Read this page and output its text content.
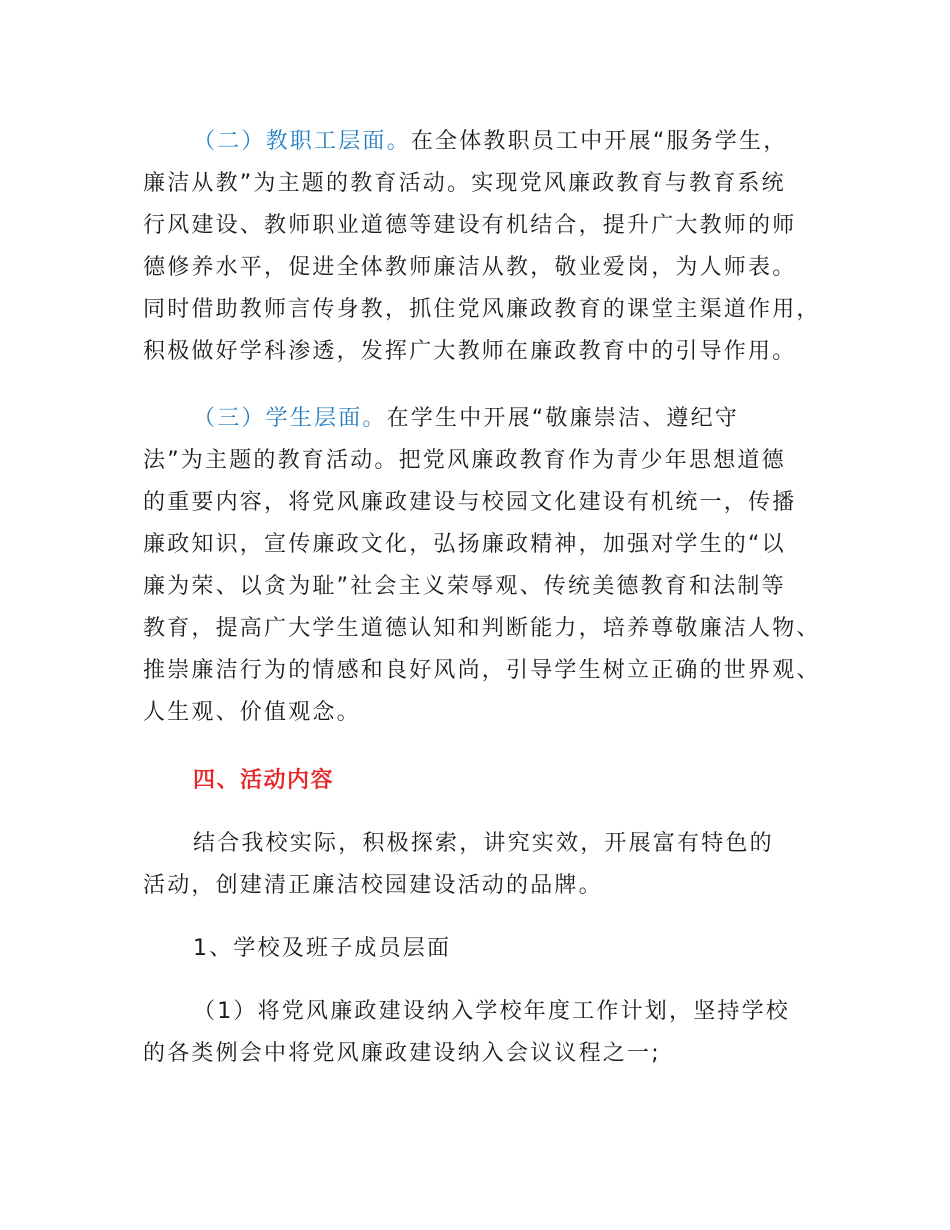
（二）教职工层面。在全体教职员工中开展“服务学生，
廉洁从教”为主题的教育活动。实现党风廉政教育与教育系统
行风建设、教师职业道德等建设有机结合，提升广大教师的师
德修养水平，促进全体教师廉洁从教，敬业爱岗，为人师表。
同时借助教师言传身教，抓住党风廉政教育的课堂主渠道作用，
积极做好学科渗透，发挥广大教师在廉政教育中的引导作用。
（三）学生层面。在学生中开展“敬廉崇洁、遵纪守
法”为主题的教育活动。把党风廉政教育作为青少年思想道德
的重要内容，将党风廉政建设与校园文化建设有机统一，传播
廉政知识，宣传廉政文化，弘扬廉政精神，加强对学生的“以
廉为荣、以贪为耻”社会主义荣辱观、传统美德教育和法制等
教育，提高广大学生道德认知和判断能力，培养尊敬廉洁人物、
推崇廉洁行为的情感和良好风尚，引导学生树立正确的世界观、
人生观、价值观念。
四、活动内容
结合我校实际，积极探索，讲究实效，开展富有特色的
活动，创建清正廉洁校园建设活动的品牌。
1、学校及班子成员层面
（1）将党风廉政建设纳入学校年度工作计划，坚持学校
的各类例会中将党风廉政建设纳入会议议程之一;
